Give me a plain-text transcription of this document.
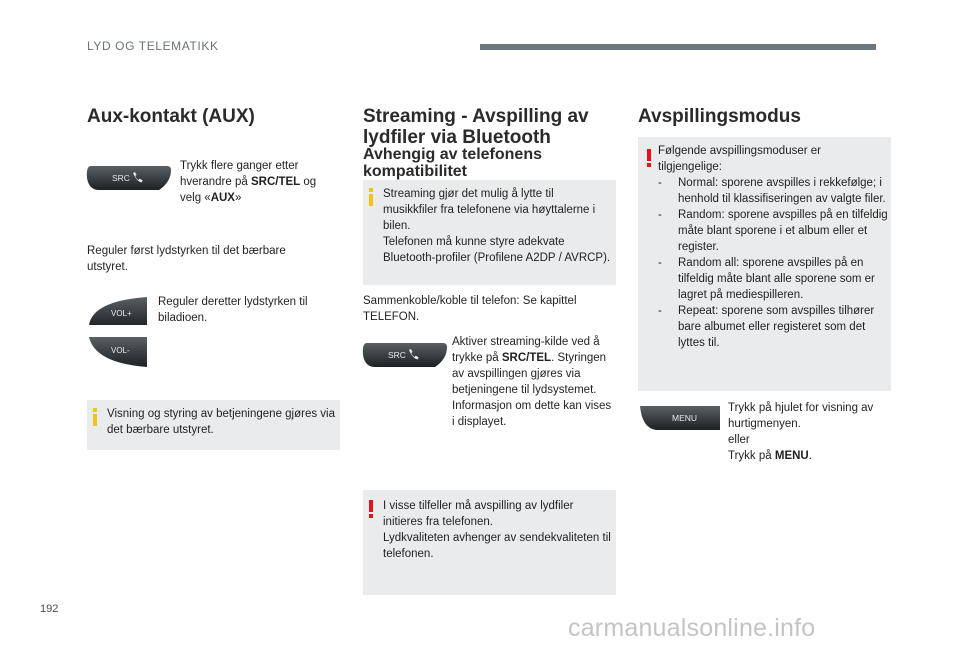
LYD OG TELEMATIKK
Aux-kontakt (AUX)
SRC
Trykk flere ganger etter hverandre på SRC/TEL og velg «AUX»
Reguler først lydstyrken til det bærbare utstyret.
VOL+
VOL-
Reguler deretter lydstyrken til biladioen.
Visning og styring av betjeningene gjøres via det bærbare utstyret.
Streaming - Avspilling av lydfiler via Bluetooth
Avhengig av telefonens kompatibilitet
Streaming gjør det mulig å lytte til musikkfiler fra telefonene via høyttalerne i bilen.
Telefonen må kunne styre adekvate Bluetooth-profiler (Profilene A2DP / AVRCP).
Sammenkoble/koble til telefon: Se kapittel TELEFON.
SRC
Aktiver streaming-kilde ved å trykke på SRC/TEL. Styringen av avspillingen gjøres via betjeningene til lydsystemet. Informasjon om dette kan vises i displayet.
I visse tilfeller må avspilling av lydfiler initieres fra telefonen.
Lydkvaliteten avhenger av sendekvaliteten til telefonen.
Avspillingsmodus
Følgende avspillingsmoduser er tilgjengelige:
- Normal: sporene avspilles i rekkefølge; i henhold til klassifiseringen av valgte filer.
- Random: sporene avspilles på en tilfeldig måte blant sporene i et album eller et register.
- Random all: sporene avspilles på en tilfeldig måte blant alle sporene som er lagret på mediespilleren.
- Repeat: sporene som avspilles tilhører bare albumet eller registeret som det lyttes til.
MENU
Trykk på hjulet for visning av hurtigmenyen.
eller
Trykk på MENU.
192
carmanualsonline.info
